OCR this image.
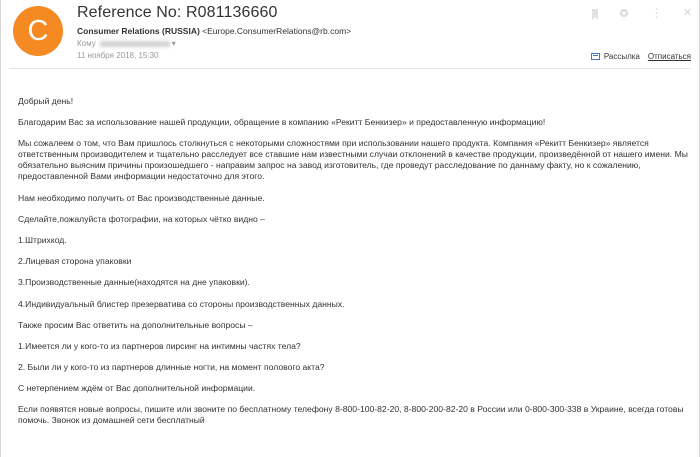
C
Reference No: R081136660
Consumer Relations (RUSSIA) <Europe.ConsumerRelations@rb.com>
Кому	▾
11 ноября 2018, 15:30
⋮ ✕
Рассылка Отписаться

Добрый день!

Благодарим Вас за использование нашей продукции, обращение в компанию «Рекитт Бенкизер» и предоставленную информацию!

Мы сожалеем о том, что Вам пришлось столкнуться с некоторыми сложностями при использовании нашего продукта. Компания «Рекитт Бенкизер» является ответственным производителем и тщательно расследует все ставшие нам известными случаи отклонений в качестве продукции, произведённой от нашего имени. Мы обязательно выясним причины произошедшего - направим запрос на завод изготовитель, где проведут расследование по даннаму факту, но к сожалению, предоставленной Вами информации недостаточно для этого.

Нам необходимо получить от Вас производственные данные.

Сделайте,пожалуйста фотографии, на которых чётко видно –

1.Штрихкод.

2.Лицевая сторона упаковки

3.Производственные данные(находятся на дне упаковки).

4.Индивидуальный блистер презерватива со стороны производственных данных.

Также просим Вас ответить на дополнительные вопросы –

1.Имеется ли у кого-то из партнеров пирсинг на интимны частях тела?

2. Были ли у кого-то из партнеров длинные ногти, на момент полового акта?

С нетерпением ждём от Вас дополнительной информации.

Если появятся новые вопросы, пишите или звоните по бесплатному телефону 8-800-100-82-20, 8-800-200-82-20 в России или 0-800-300-338 в Украине, всегда готовы помочь. Звонок из домашней сети бесплатный
